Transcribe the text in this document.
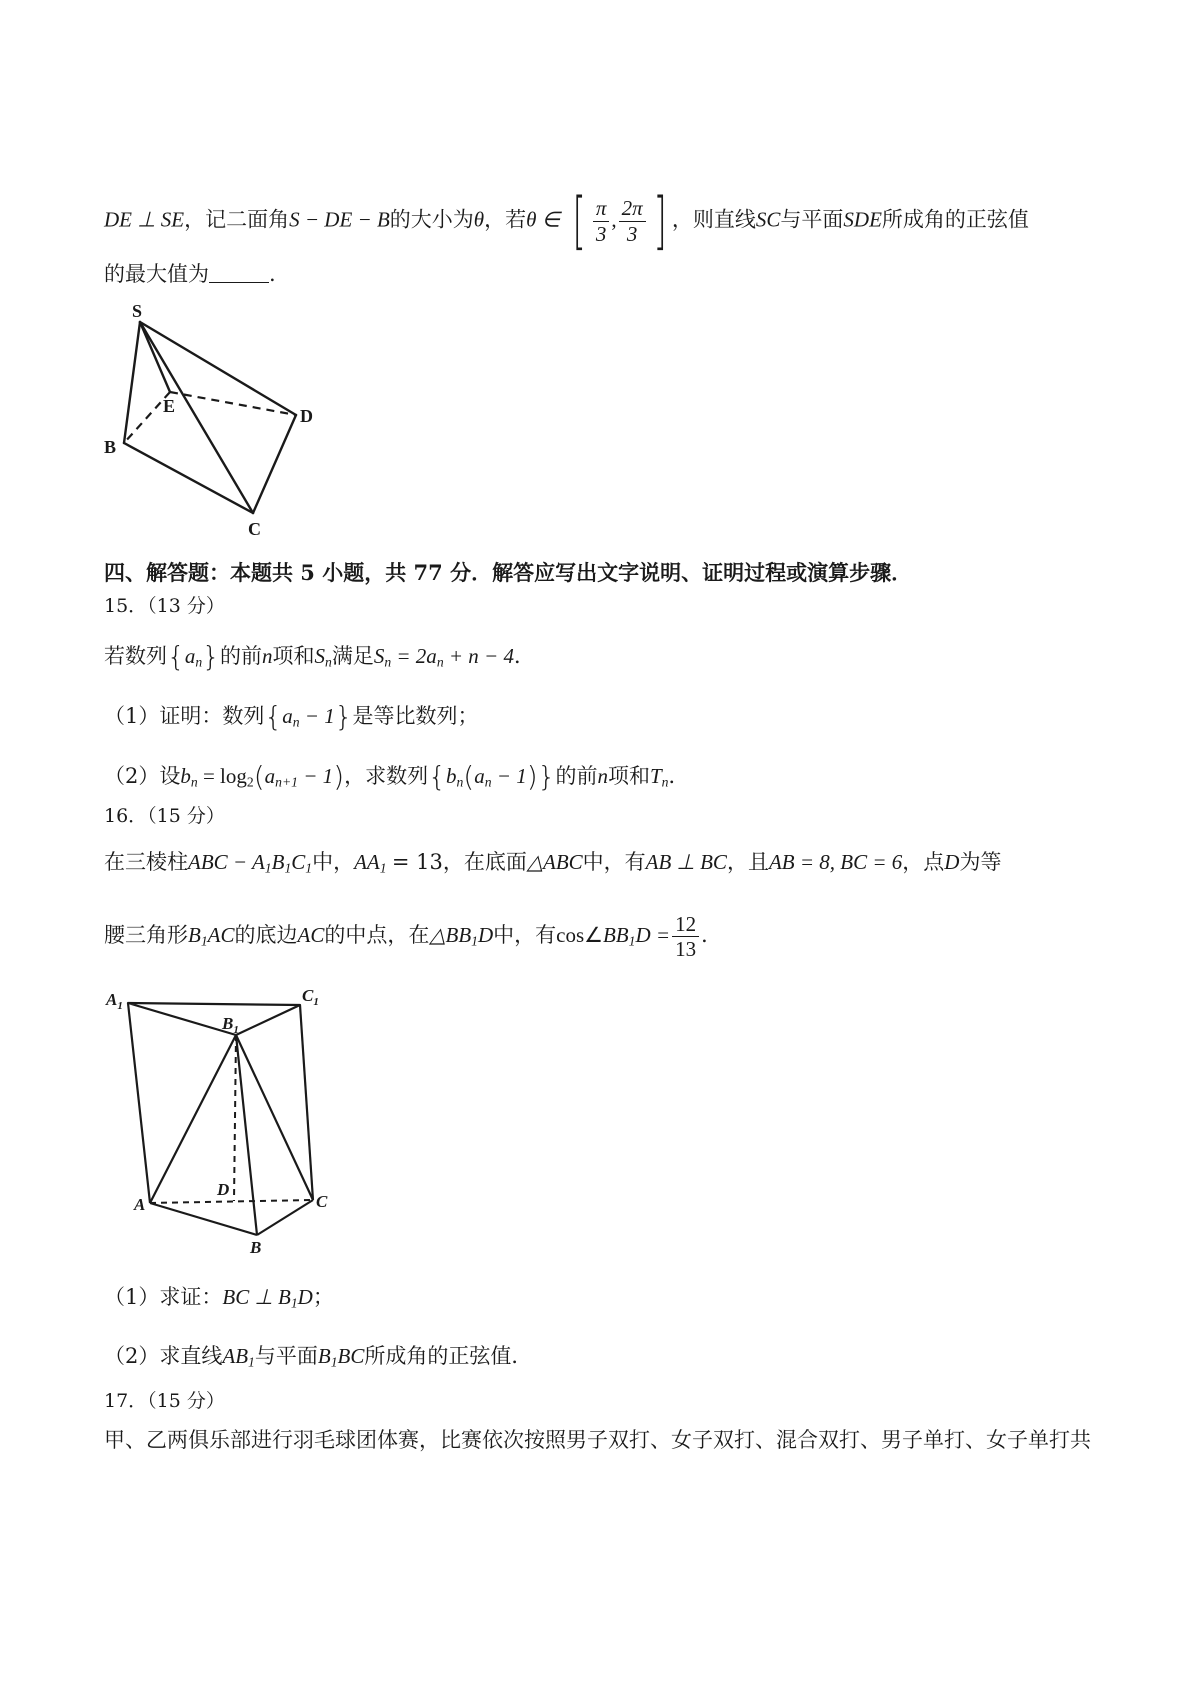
DE ⊥ SE，记二面角S − DE − B的大小为θ，若θ ∈ [ $\frac{\pi}{3}$ , $\frac{2\pi}{3}$ ] ，则直线SC与平面SDE所成角的正弦值
的最大值为	.
S
E	D
B
C
四、解答题：本题共 5 小题，共 77 分．解答应写出文字说明、证明过程或演算步骤．
15．（13 分）
若数列$\{a_n\}$的前n项和$S_n$满足$S_n = 2a_n + n - 4$．
（1）证明：数列$\{a_n - 1\}$是等比数列；
（2）设$b_n = \log_2(a_{n+1} - 1)$，求数列$\{b_n(a_n - 1)\}$的前n项和$T_n$．
16．（15 分）
在三棱柱ABC − $A_1B_1C_1$中，$AA_1 = 13$，在底面△ABC中，有AB ⊥ BC，且AB = 8, BC = 6，点D为等
腰三角形$B_1AC$的底边AC的中点，在$\triangle BB_1D$中，有$\cos\angle BB_1D = \frac{12}{13}$ ．
$A_1$
$C_1$
$B_1$
D
A	C
B
（1）求证：BC ⊥ $B_1D$；
（2）求直线$AB_1$与平面$B_1BC$所成角的正弦值．
17．（15 分）
甲、乙两俱乐部进行羽毛球团体赛，比赛依次按照男子双打、女子双打、混合双打、男子单打、女子单打共
